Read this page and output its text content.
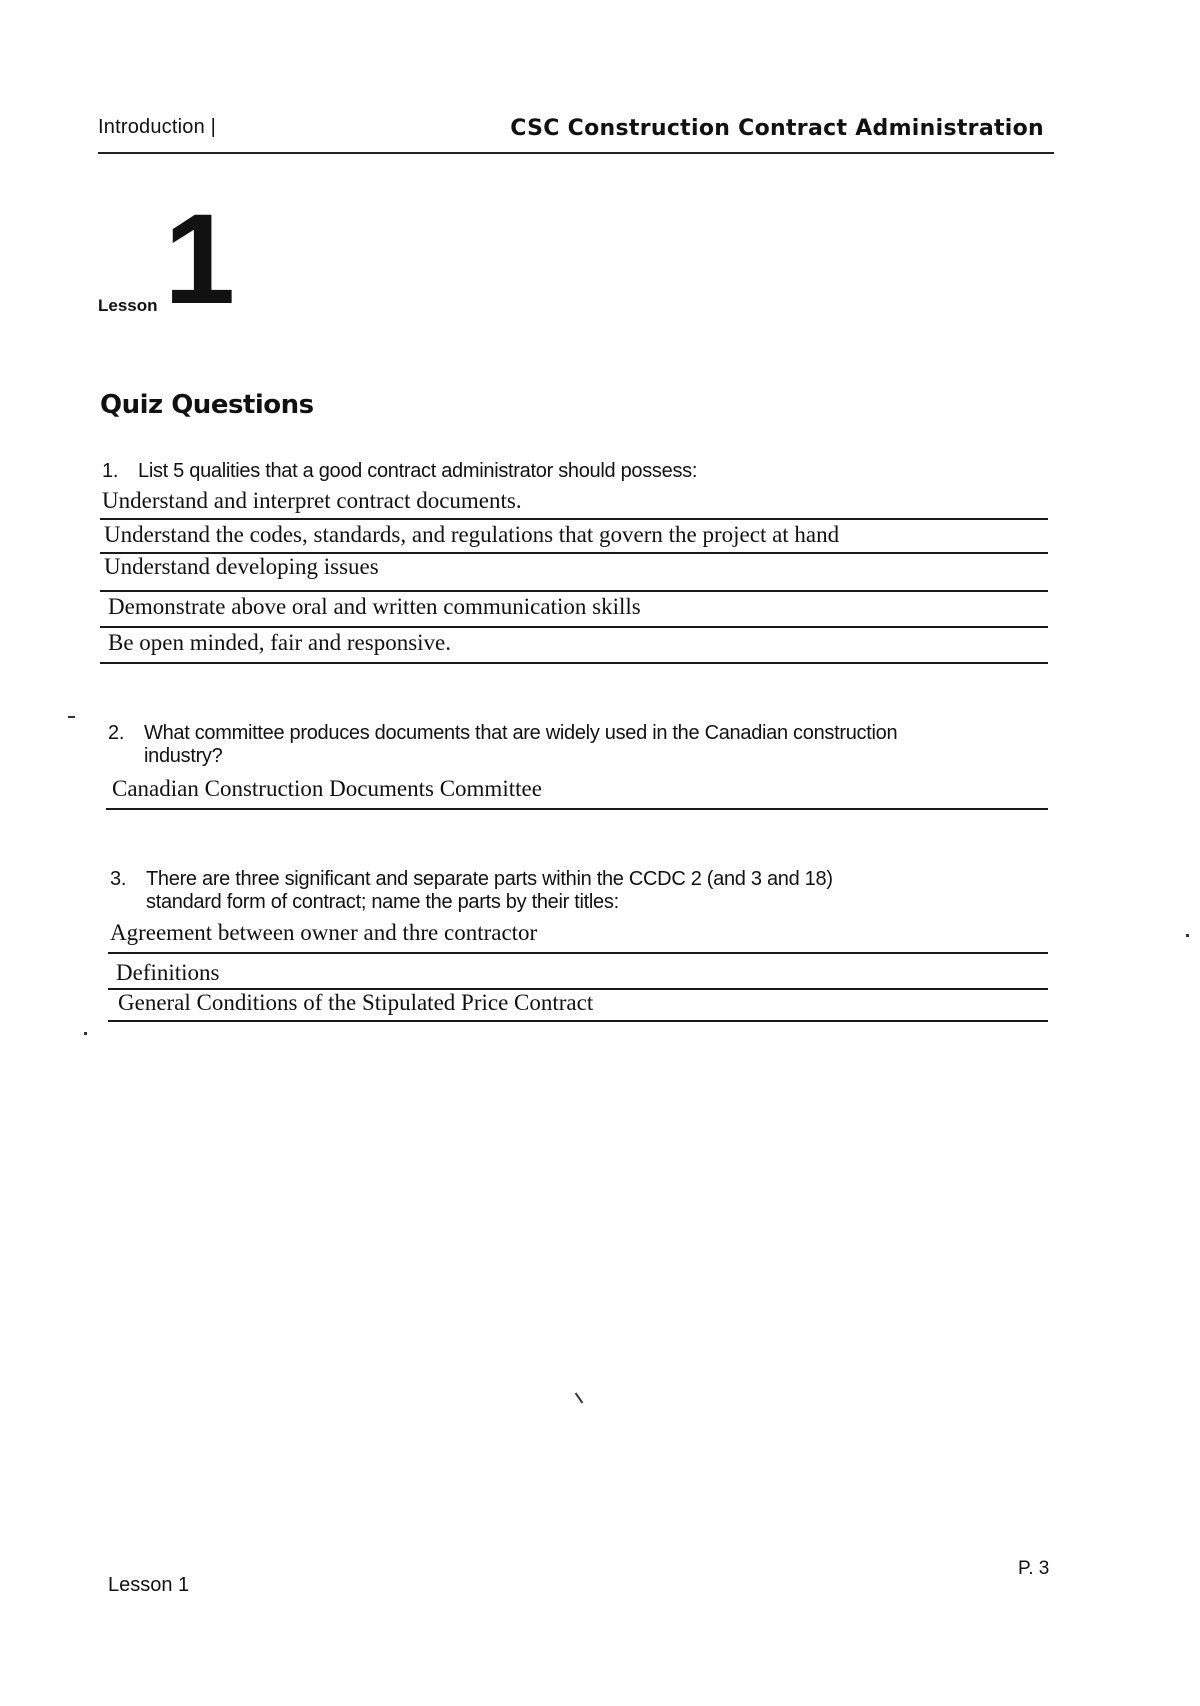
Introduction |	CSC Construction Contract Administration
Lesson 1
Quiz Questions
1. List 5 qualities that a good contract administrator should possess:
Understand and interpret contract documents.
Understand the codes, standards, and regulations that govern the project at hand
Understand developing issues
Demonstrate above oral and written communication skills
Be open minded, fair and responsive.
2. What committee produces documents that are widely used in the Canadian construction
industry?
Canadian Construction Documents Committee
3. There are three significant and separate parts within the CCDC 2 (and 3 and 18)
standard form of contract; name the parts by their titles:
Agreement between owner and thre contractor
Definitions
General Conditions of the Stipulated Price Contract
Lesson 1
P. 3
